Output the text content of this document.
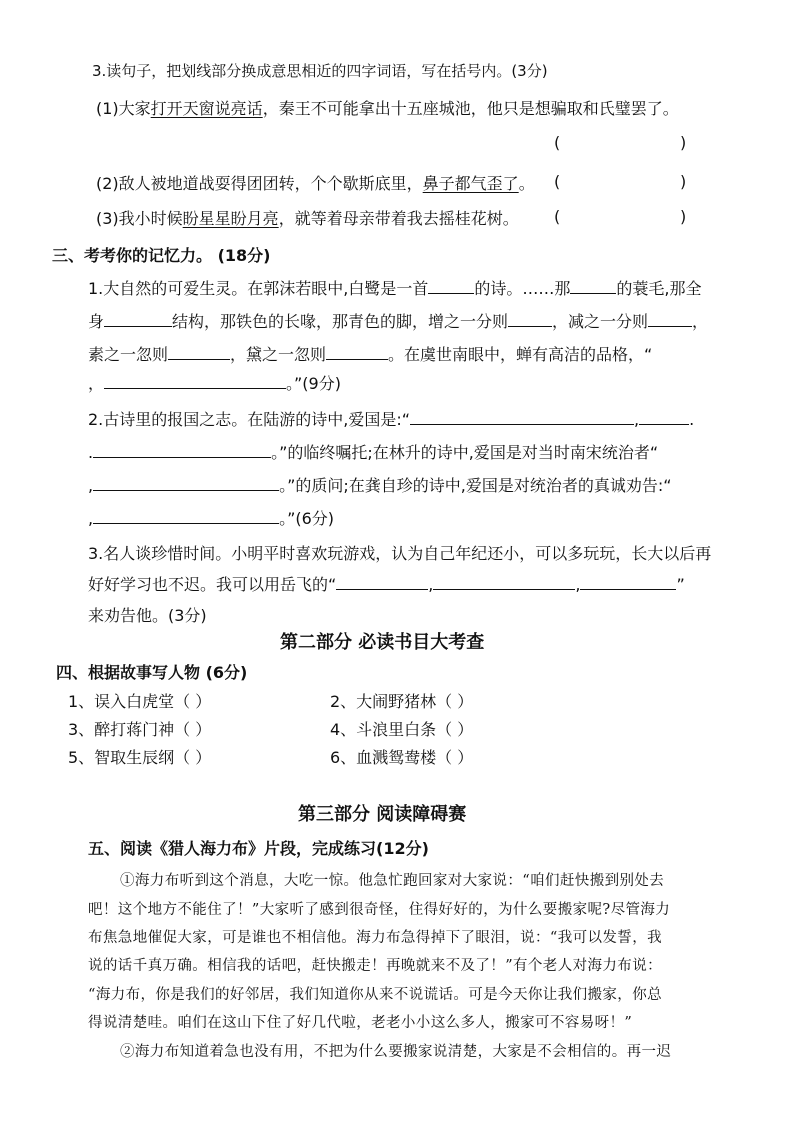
3.读句子，把划线部分换成意思相近的四字词语，写在括号内。(3分)
(1)大家打开天窗说亮话，秦王不可能拿出十五座城池，他只是想骗取和氏璧罢了。
(	)
(2)敌人被地道战耍得团团转，个个歇斯底里，鼻子都气歪了。 (	)
(3)我小时候盼星星盼月亮，就等着母亲带着我去摇桂花树。 (	)
三、考考你的记忆力。 (18分)
1.大自然的可爱生灵。在郭沫若眼中,白鹭是一首	的诗。……那	的蓑毛,那全
身	结构，那铁色的长喙，那青色的脚，增之一分则	，减之一分则	，
素之一忽则	，黛之一忽则	。在虞世南眼中，蝉有高洁的品格，“
，	。”(9分)
2.古诗里的报国之志。在陆游的诗中,爱国是:“	,	.
.	。”的临终嘱托;在林升的诗中,爱国是对当时南宋统治者“
,	。”的质问;在龚自珍的诗中,爱国是对统治者的真诚劝告:“
,	。”(6分)
3.名人谈珍惜时间。小明平时喜欢玩游戏，认为自己年纪还小，可以多玩玩，长大以后再
好好学习也不迟。我可以用岳飞的“	,	,	”
来劝告他。(3分)
第二部分 必读书目大考查
四、根据故事写人物 (6分)
1、误入白虎堂（ ）	2、大闹野猪林（ ）
3、醉打蒋门神（ ）	4、斗浪里白条（ ）
5、智取生辰纲（ ）	6、血溅鸳鸯楼（ ）
第三部分 阅读障碍赛
五、阅读《猎人海力布》片段，完成练习(12分)
①海力布听到这个消息，大吃一惊。他急忙跑回家对大家说：“咱们赶快搬到别处去
吧！这个地方不能住了！”大家听了感到很奇怪，住得好好的，为什么要搬家呢?尽管海力
布焦急地催促大家，可是谁也不相信他。海力布急得掉下了眼泪，说：“我可以发誓，我
说的话千真万确。相信我的话吧，赶快搬走！再晚就来不及了！”有个老人对海力布说：
“海力布，你是我们的好邻居，我们知道你从来不说谎话。可是今天你让我们搬家，你总
得说清楚哇。咱们在这山下住了好几代啦，老老小小这么多人，搬家可不容易呀！”
②海力布知道着急也没有用，不把为什么要搬家说清楚，大家是不会相信的。再一迟
